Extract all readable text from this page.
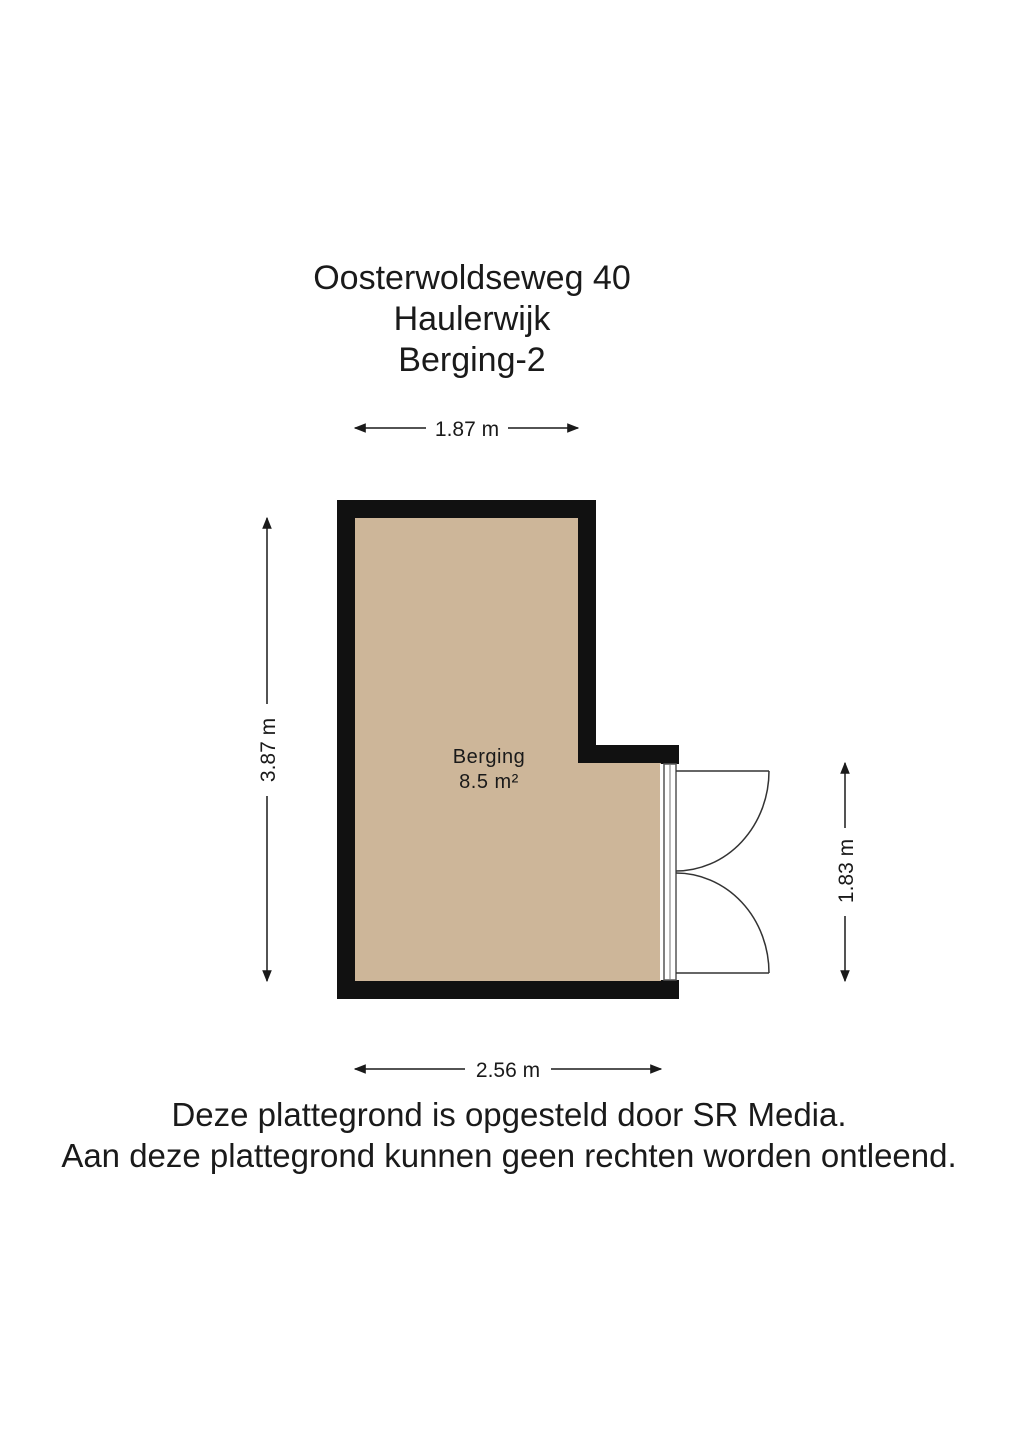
Oosterwoldseweg 40
Haulerwijk
Berging-2
Berging
8.5 m²
1.87 m
2.56 m
3.87 m
1.83 m
Deze plattegrond is opgesteld door SR Media.
Aan deze plattegrond kunnen geen rechten worden ontleend.
